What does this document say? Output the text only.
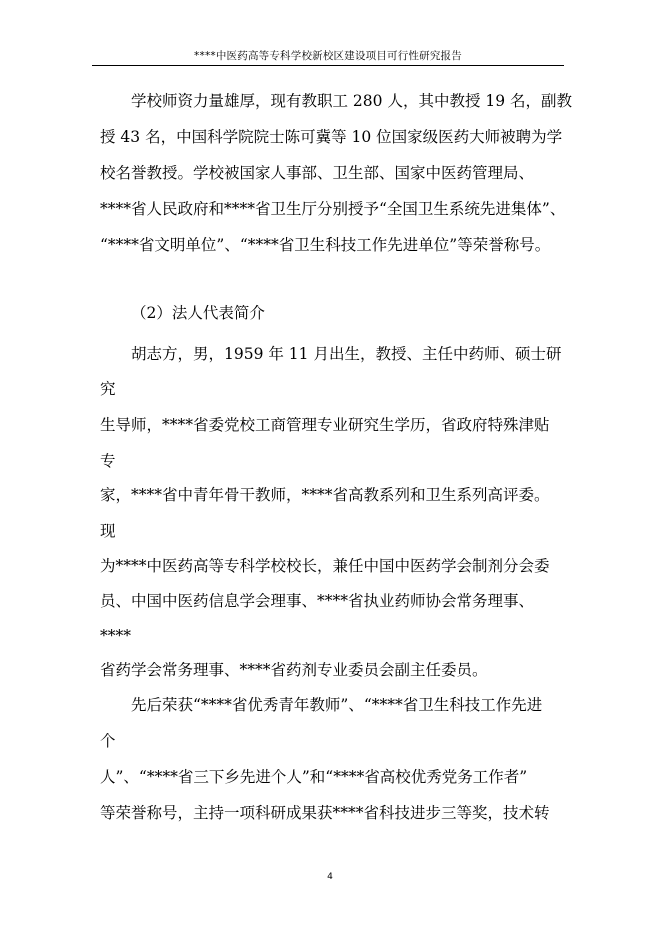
****中医药高等专科学校新校区建设项目可行性研究报告
学校师资力量雄厚，现有教职工 280 人，其中教授 19 名，副教
授 43 名，中国科学院院士陈可冀等 10 位国家级医药大师被聘为学
校名誉教授。学校被国家人事部、卫生部、国家中医药管理局、
****省人民政府和****省卫生厅分别授予“全国卫生系统先进集体”、
“****省文明单位”、“****省卫生科技工作先进单位”等荣誉称号。
（2）法人代表简介
胡志方，男，1959 年 11 月出生，教授、主任中药师、硕士研
究
生导师，****省委党校工商管理专业研究生学历，省政府特殊津贴
专
家，****省中青年骨干教师，****省高教系列和卫生系列高评委。
现
为****中医药高等专科学校校长，兼任中国中医药学会制剂分会委
员、中国中医药信息学会理事、****省执业药师协会常务理事、
****
省药学会常务理事、****省药剂专业委员会副主任委员。
先后荣获“****省优秀青年教师”、“****省卫生科技工作先进
个
人”、“****省三下乡先进个人”和“****省高校优秀党务工作者”
等荣誉称号，主持一项科研成果获****省科技进步三等奖，技术转
4
